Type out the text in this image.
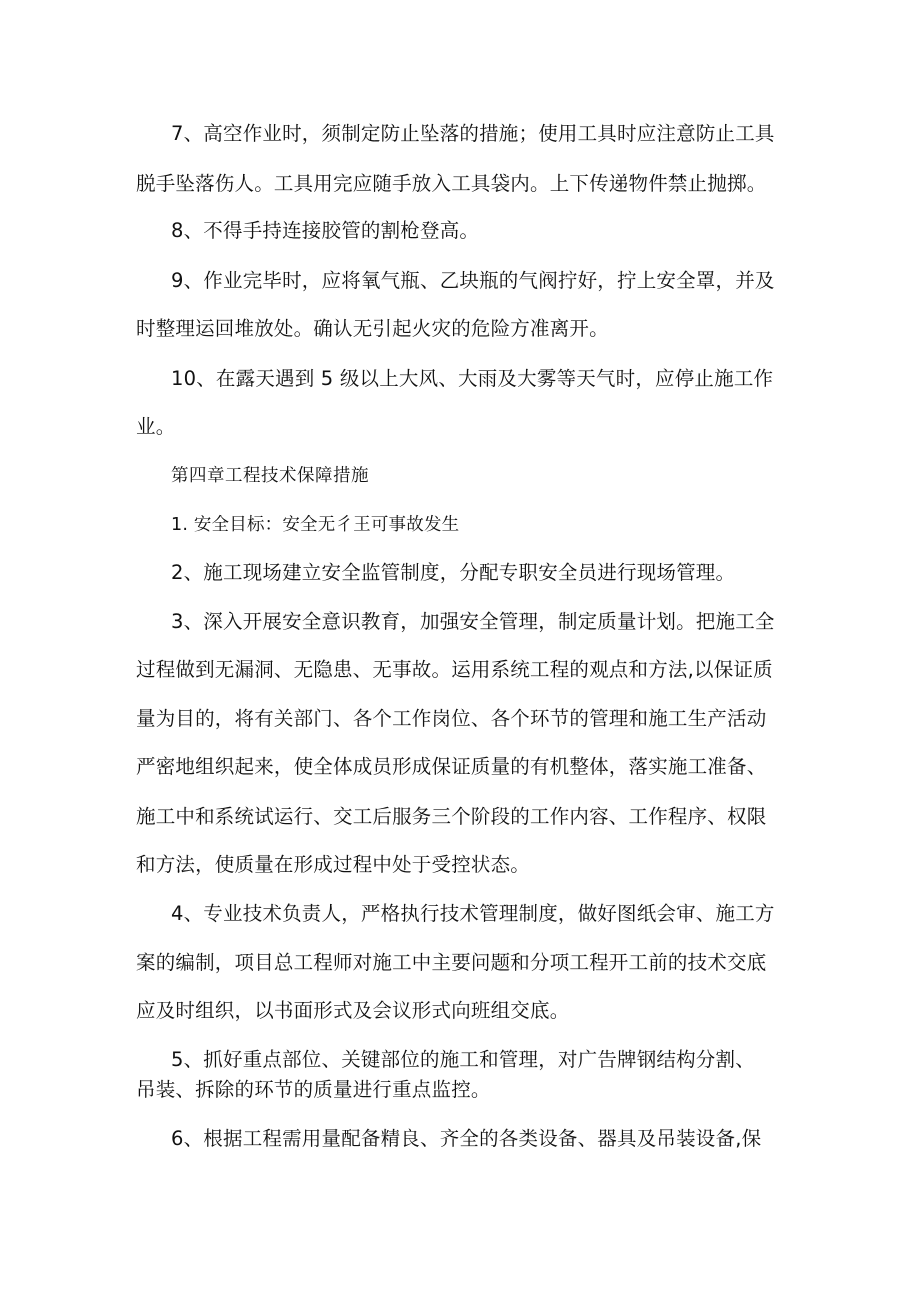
7、高空作业时，须制定防止坠落的措施；使用工具时应注意防止工具
脱手坠落伤人。工具用完应随手放入工具袋内。上下传递物件禁止抛掷。
8、不得手持连接胶管的割枪登高。
9、作业完毕时，应将氧气瓶、乙块瓶的气阀拧好，拧上安全罩，并及
时整理运回堆放处。确认无引起火灾的危险方准离开。
10、在露天遇到 5 级以上大风、大雨及大雾等天气时，应停止施工作
业。
第四章工程技术保障措施
1. 安全目标：安全无彳王可事故发生
2、施工现场建立安全监管制度，分配专职安全员进行现场管理。
3、深入开展安全意识教育，加强安全管理，制定质量计划。把施工全
过程做到无漏洞、无隐患、无事故。运用系统工程的观点和方法,以保证质
量为目的，将有关部门、各个工作岗位、各个环节的管理和施工生产活动
严密地组织起来，使全体成员形成保证质量的有机整体，落实施工准备、
施工中和系统试运行、交工后服务三个阶段的工作内容、工作程序、权限
和方法，使质量在形成过程中处于受控状态。
4、专业技术负责人，严格执行技术管理制度，做好图纸会审、施工方
案的编制，项目总工程师对施工中主要问题和分项工程开工前的技术交底
应及时组织，以书面形式及会议形式向班组交底。
5、抓好重点部位、关键部位的施工和管理，对广告牌钢结构分割、
吊装、拆除的环节的质量进行重点监控。
6、根据工程需用量配备精良、齐全的各类设备、器具及吊装设备,保
